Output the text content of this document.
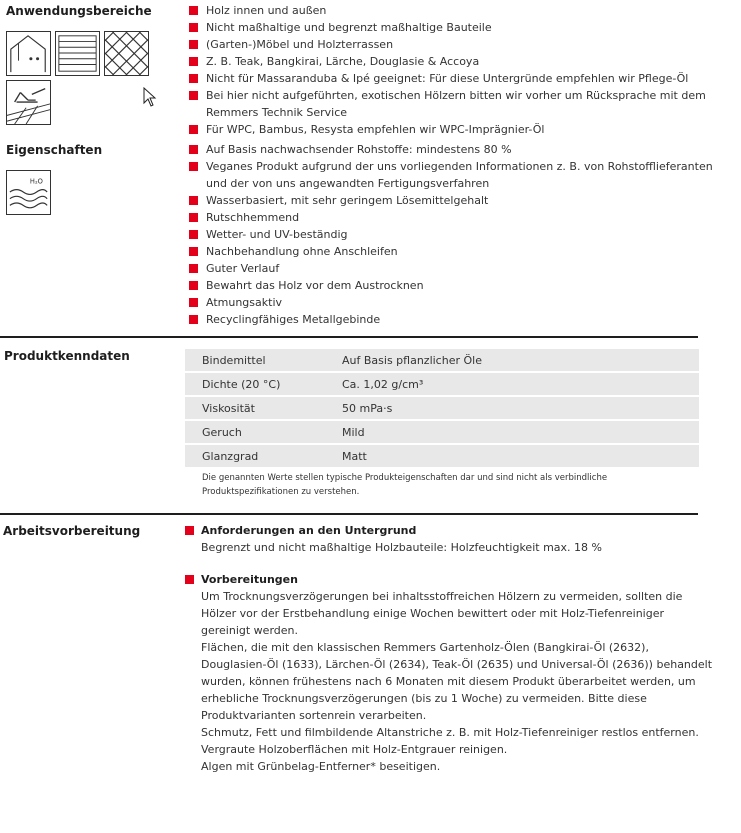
Anwendungsbereiche	Holz innen und außen
Nicht maßhaltige und begrenzt maßhaltige Bauteile
(Garten-)Möbel und Holzterrassen
Z. B. Teak, Bangkirai, Lärche, Douglasie & Accoya
Nicht für Massaranduba & Ipé geeignet: Für diese Untergründe empfehlen wir Pflege-Öl
Bei hier nicht aufgeführten, exotischen Hölzern bitten wir vorher um Rücksprache mit dem Remmers Technik Service
Für WPC, Bambus, Resysta empfehlen wir WPC-Imprägnier-Öl
Eigenschaften
H₂O
Auf Basis nachwachsender Rohstoffe: mindestens 80 %
Veganes Produkt aufgrund der uns vorliegenden Informationen z. B. von Rohstofflieferanten und der von uns angewandten Fertigungsverfahren
Wasserbasiert, mit sehr geringem Lösemittelgehalt
Rutschhemmend
Wetter- und UV-beständig
Nachbehandlung ohne Anschleifen
Guter Verlauf
Bewahrt das Holz vor dem Austrocknen
Atmungsaktiv
Recyclingfähiges Metallgebinde
Produktkenndaten	Bindemittel	Auf Basis pflanzlicher Öle
Dichte (20 °C)	Ca. 1,02 g/cm³
Viskosität	50 mPa·s
Geruch	Mild
Glanzgrad	Matt
Die genannten Werte stellen typische Produkteigenschaften dar und sind nicht als verbindliche Produktspezifikationen zu verstehen.
Arbeitsvorbereitung	Anforderungen an den Untergrund

Begrenzt und nicht maßhaltige Holzbauteile: Holzfeuchtigkeit max. 18 %

Vorbereitungen

Um Trocknungsverzögerungen bei inhaltsstoffreichen Hölzern zu vermeiden, sollten die

Hölzer vor der Erstbehandlung einige Wochen bewittert oder mit Holz-Tiefenreiniger

gereinigt werden.

Flächen, die mit den klassischen Remmers Gartenholz-Ölen (Bangkirai-Öl (2632),

Douglasien-Öl (1633), Lärchen-Öl (2634), Teak-Öl (2635) und Universal-Öl (2636)) behandelt

wurden, können frühestens nach 6 Monaten mit diesem Produkt überarbeitet werden, um

erhebliche Trocknungsverzögerungen (bis zu 1 Woche) zu vermeiden. Bitte diese

Produktvarianten sortenrein verarbeiten.

Schmutz, Fett und filmbildende Altanstriche z. B. mit Holz-Tiefenreiniger restlos entfernen.

Vergraute Holzoberflächen mit Holz-Entgrauer reinigen.

Algen mit Grünbelag-Entferner* beseitigen.
